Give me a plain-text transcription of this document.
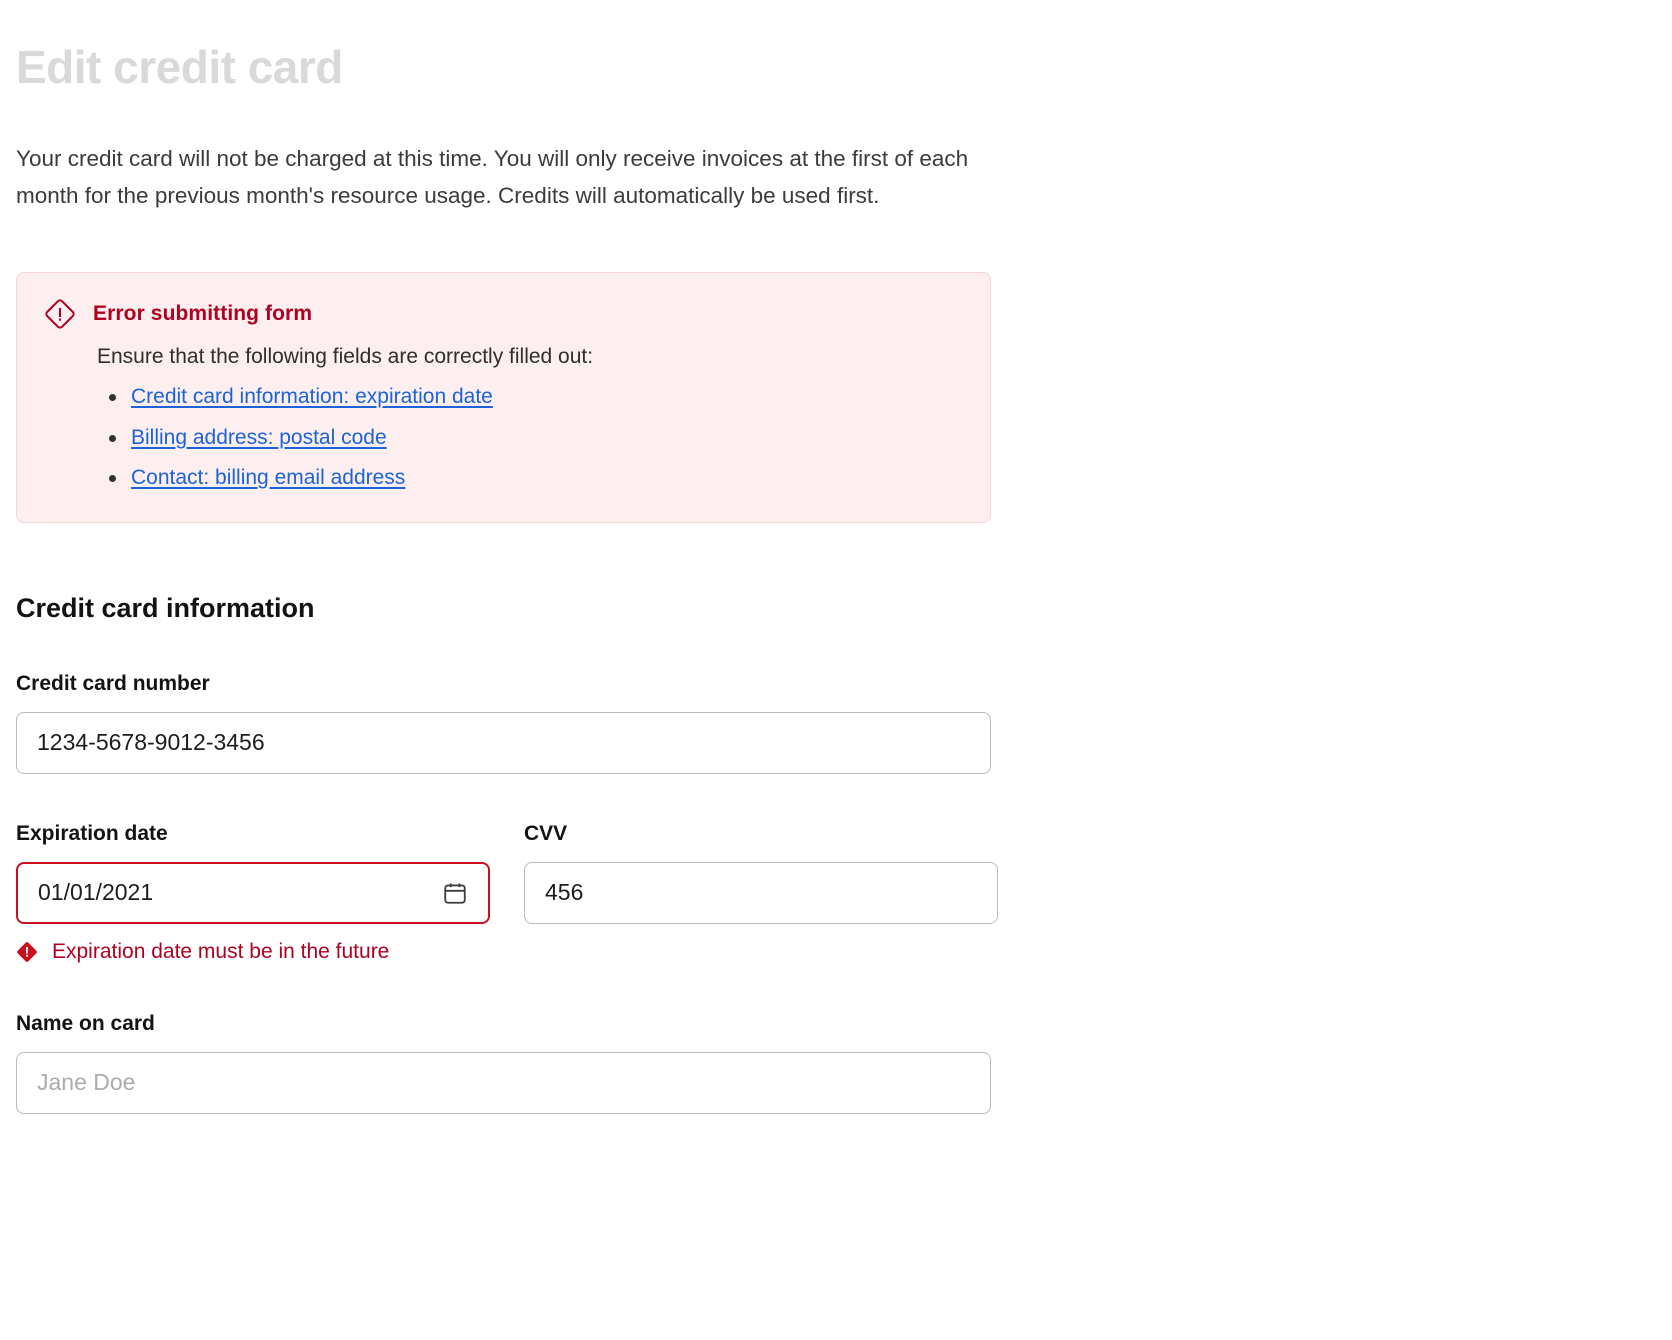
Edit credit card

Your credit card will not be charged at this time. You will only receive invoices at the first of each month for the previous month's resource usage. Credits will automatically be used first.

Error submitting form
Ensure that the following fields are correctly filled out:
Credit card information: expiration date
Billing address: postal code
Contact: billing email address
Credit card information
Credit card number
1234-5678-9012-3456
Expiration date
01/01/2021
Expiration date must be in the future
CVV
456
Name on card
Jane Doe
